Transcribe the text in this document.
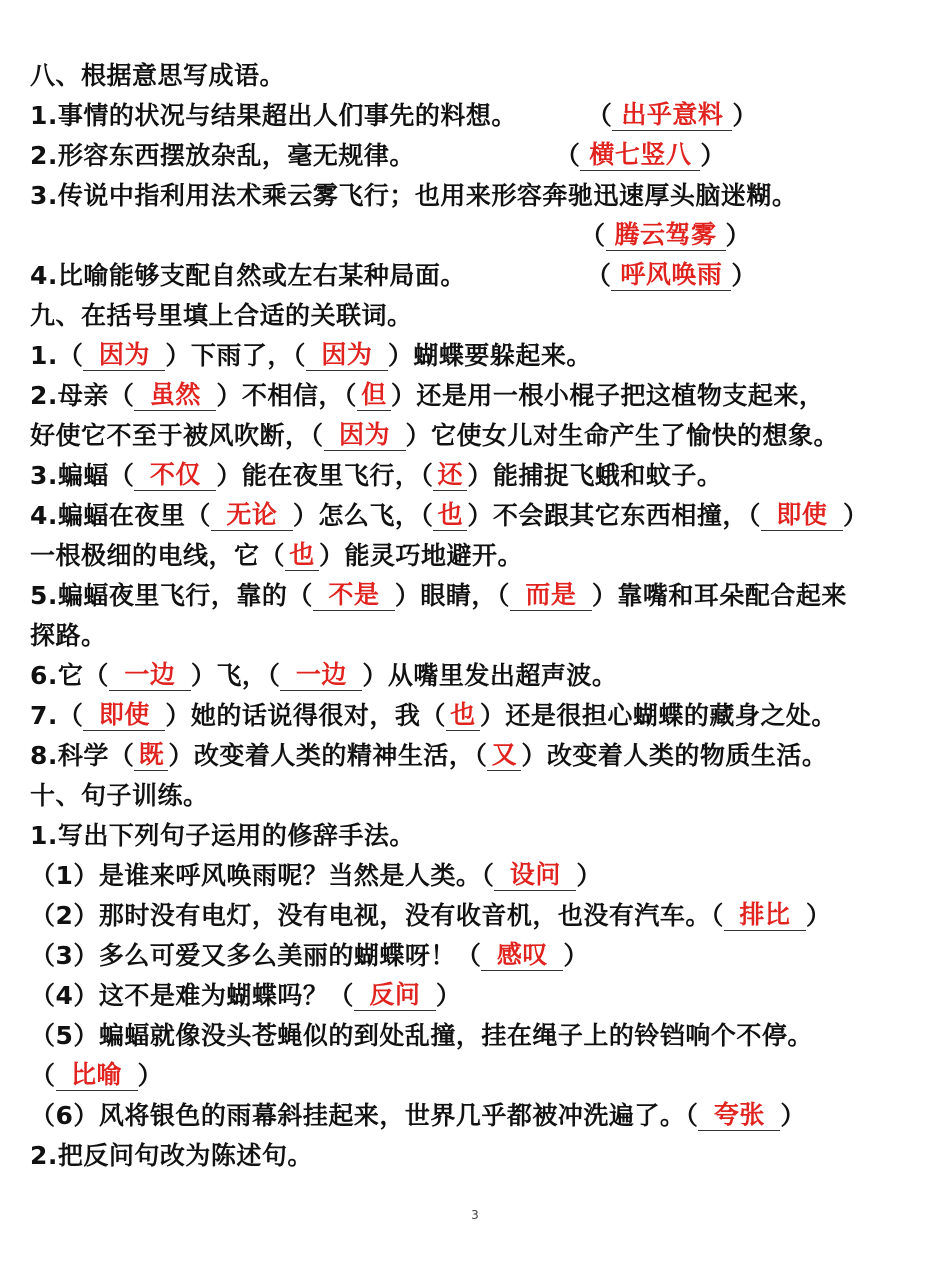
八、根据意思写成语。
1.事情的状况与结果超出人们事先的料想。	（ 出乎意料 ）
2.形容东西摆放杂乱，毫无规律。	（ 横七竖八 ）
3.传说中指利用法术乘云雾飞行；也用来形容奔驰迅速厚头脑迷糊。
（ 腾云驾雾 ）
4.比喻能够支配自然或左右某种局面。	（ 呼风唤雨 ）
九、在括号里填上合适的关联词。
1.（ 因为 ）下雨了，（ 因为 ）蝴蝶要躲起来。
2.母亲（ 虽然 ）不相信，（ 但 ）还是用一根小棍子把这植物支起来，
好使它不至于被风吹断，（ 因为 ）它使女儿对生命产生了愉快的想象。
3.蝙蝠（ 不仅 ）能在夜里飞行，（ 还 ）能捕捉飞蛾和蚊子。
4.蝙蝠在夜里（ 无论 ）怎么飞，（ 也 ）不会跟其它东西相撞，（ 即使 ）
一根极细的电线，它（ 也 ）能灵巧地避开。
5.蝙蝠夜里飞行，靠的（ 不是 ）眼睛，（ 而是 ）靠嘴和耳朵配合起来
探路。
6.它（ 一边 ）飞，（ 一边 ）从嘴里发出超声波。
7.（ 即使 ）她的话说得很对，我（ 也 ）还是很担心蝴蝶的藏身之处。
8.科学（ 既 ）改变着人类的精神生活，（ 又 ）改变着人类的物质生活。
十、句子训练。
1.写出下列句子运用的修辞手法。
（1）是谁来呼风唤雨呢？当然是人类。（ 设问 ）
（2）那时没有电灯，没有电视，没有收音机，也没有汽车。（ 排比 ）
（3）多么可爱又多么美丽的蝴蝶呀！（ 感叹 ）
（4）这不是难为蝴蝶吗？（ 反问 ）
（5）蝙蝠就像没头苍蝇似的到处乱撞，挂在绳子上的铃铛响个不停。
（ 比喻 ）
（6）风将银色的雨幕斜挂起来，世界几乎都被冲洗遍了。（ 夸张 ）
2.把反问句改为陈述句。
3
